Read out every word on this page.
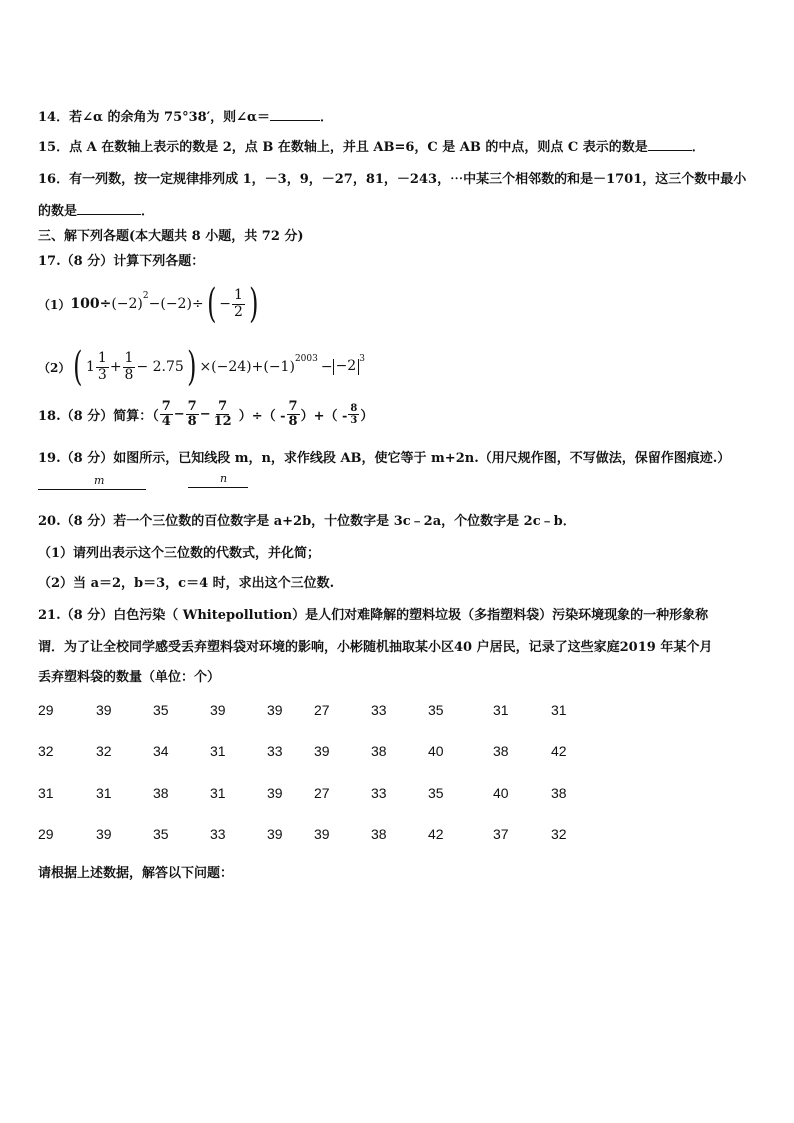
14．若∠α 的余角为 75°38′，则∠α＝	．
15．点 A 在数轴上表示的数是 2，点 B 在数轴上，并且 AB=6，C 是 AB 的中点，则点 C 表示的数是	．
16．有一列数，按一定规律排列成 1，－3，9，－27，81，－243，⋯中某三个相邻数的和是－1701，这三个数中最小
的数是	．
三、解下列各题(本大题共 8 小题，共 72 分)
17.（8 分）计算下列各题：
（1） $100\div (-2)^2 -(-2)\div$ ( − $\frac{1}{2}$ )
（2） ( $1 \frac{1}{3} + \frac{1}{8} - 2.75$ ) $\times(-24)+(-1)^{2003} - -2$ $^3$
18.（8 分）简算：（ $\frac{7}{4} - \frac{7}{8} - \frac{7}{12}$ ）÷（ - $\frac{7}{8}$ ）+（ - $\frac{8}{3}$ ）
19.（8 分）如图所示，已知线段 m，n，求作线段 AB，使它等于 m+2n.（用尺规作图，不写做法，保留作图痕迹.）
m	n
20.（8 分）若一个三位数的百位数字是 a+2b，十位数字是 3c﹣2a，个位数字是 2c﹣b．
（1）请列出表示这个三位数的代数式，并化简；
（2）当 a＝2，b＝3，c＝4 时，求出这个三位数.
21.（8 分）白色污染（ Whitepollution）是人们对难降解的塑料垃圾（多指塑料袋）污染环境现象的一种形象称
谓．为了让全校同学感受丢弃塑料袋对环境的影响，小彬随机抽取某小区40 户居民，记录了这些家庭2019 年某个月
丢弃塑料袋的数量（单位：个）
29	39	35	39	39 27	33	35	31	31
32	32	34	31	33 39	38	40	38	42
31	31	38	31	39 27	33	35	40	38
29	39	35	33	39 39	38	42	37	32
请根据上述数据，解答以下问题：
